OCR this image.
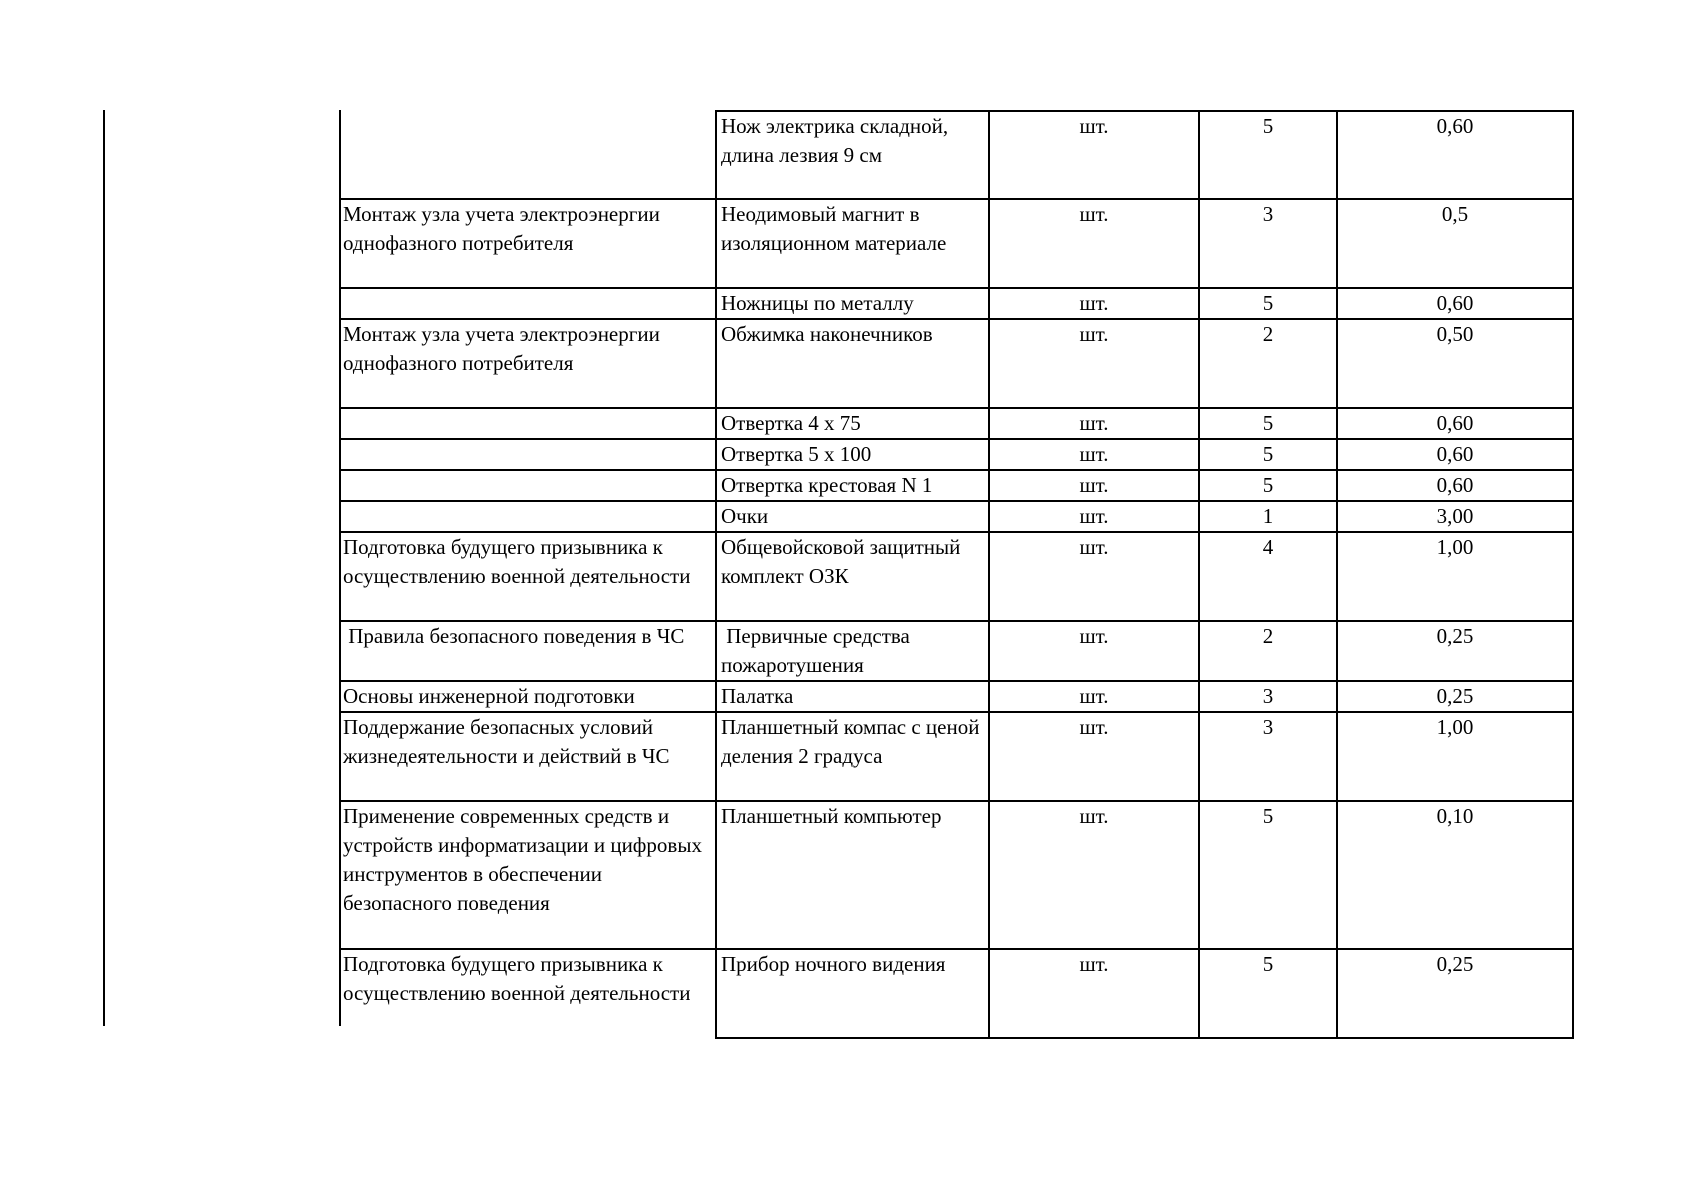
	Нож электрика складной, длина лезвия 9 см	шт.	5	0,60
Монтаж узла учета электроэнергии однофазного потребителя	Неодимовый магнит в изоляционном материале	шт.	3	0,5
	Ножницы по металлу	шт.	5	0,60
Монтаж узла учета электроэнергии однофазного потребителя	Обжимка наконечников	шт.	2	0,50
	Отвертка 4 х 75	шт.	5	0,60
	Отвертка 5 х 100	шт.	5	0,60
	Отвертка крестовая N 1	шт.	5	0,60
	Очки	шт.	1	3,00
Подготовка будущего призывника к осуществлению военной деятельности	Общевойсковой защитный комплект ОЗК	шт.	4	1,00
Правила безопасного поведения в ЧС	Первичные средства пожаротушения	шт.	2	0,25
Основы инженерной подготовки	Палатка	шт.	3	0,25
Поддержание безопасных условий жизнедеятельности и действий в ЧС	Планшетный компас с ценой деления 2 градуса	шт.	3	1,00
Применение современных средств и устройств информатизации и цифровых инструментов в обеспечении безопасного поведения	Планшетный компьютер	шт.	5	0,10
Подготовка будущего призывника к осуществлению военной деятельности	Прибор ночного видения	шт.	5	0,25
